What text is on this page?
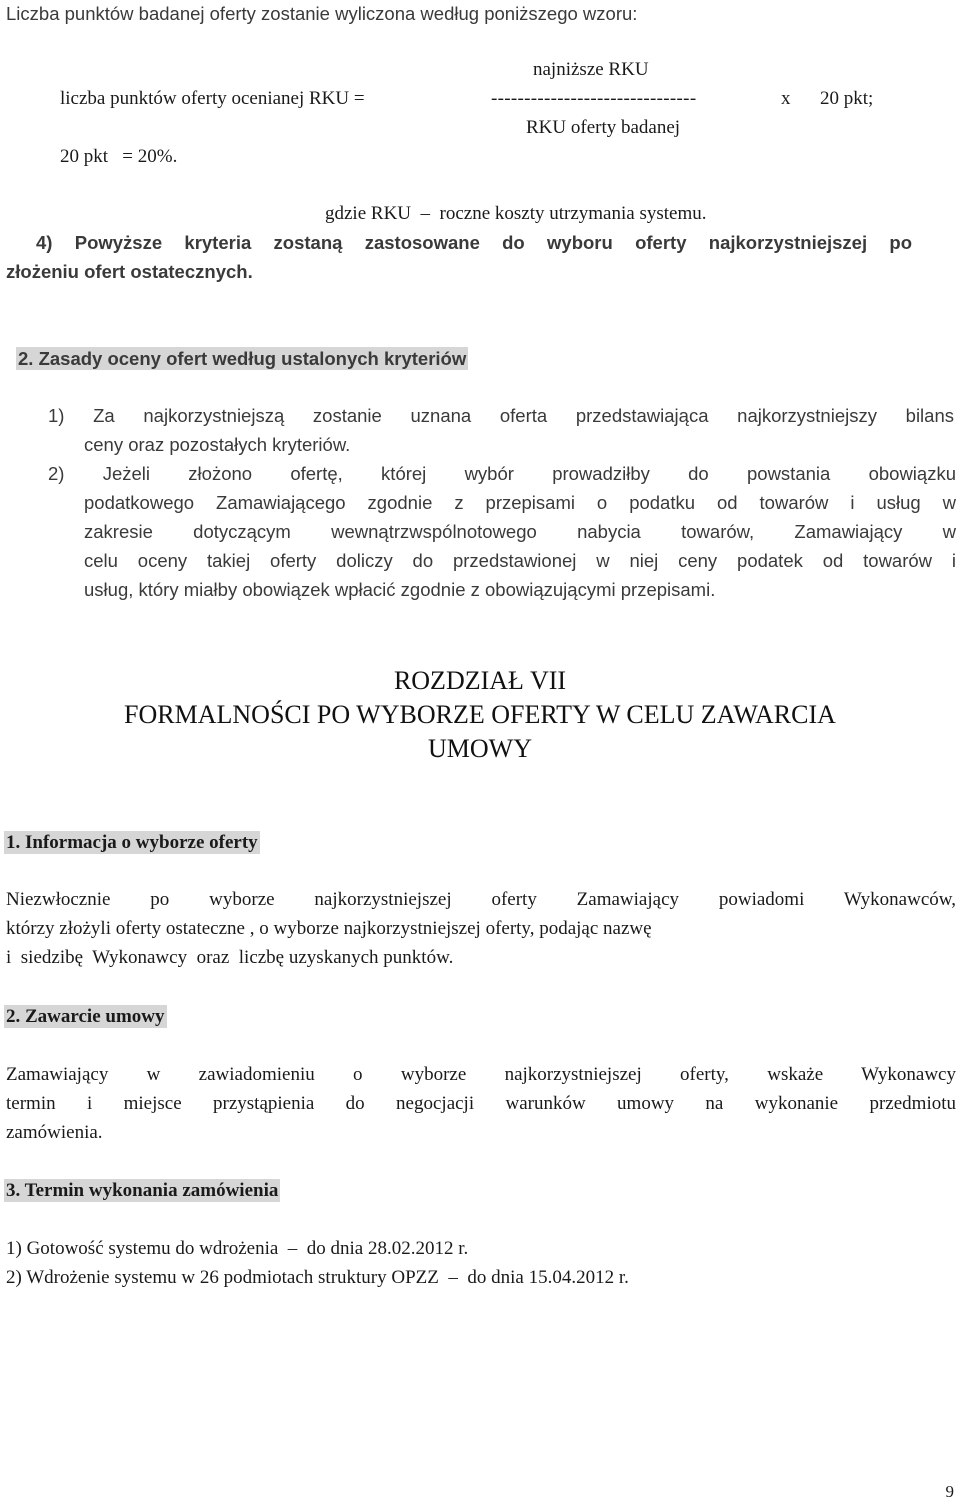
Liczba punktów badanej oferty zostanie wyliczona według poniższego wzoru:
najniższe RKU
liczba punktów oferty ocenianej RKU =	-------------------------------	x 20 pkt;
RKU oferty badanej
20 pkt   = 20%.
gdzie RKU  –  roczne koszty utrzymania systemu.
4) Powyższe kryteria zostaną zastosowane do wyboru oferty najkorzystniejszej po
złożeniu ofert ostatecznych.
2. Zasady oceny ofert według ustalonych kryteriów
1) Za najkorzystniejszą zostanie uznana oferta przedstawiająca najkorzystniejszy bilans
ceny oraz pozostałych kryteriów.
2) Jeżeli złożono ofertę, której wybór prowadziłby do powstania obowiązku
podatkowego Zamawiającego zgodnie z przepisami o podatku od towarów i usług w
zakresie dotyczącym wewnątrzwspólnotowego nabycia towarów, Zamawiający w
celu oceny takiej oferty doliczy do przedstawionej w niej ceny podatek od towarów i
usług, który miałby obowiązek wpłacić zgodnie z obowiązującymi przepisami.
ROZDZIAŁ VII
FORMALNOŚCI PO WYBORZE OFERTY W CELU ZAWARCIA
UMOWY
1. Informacja o wyborze oferty
Niezwłocznie po wyborze najkorzystniejszej oferty Zamawiający powiadomi Wykonawców,
którzy złożyli oferty ostateczne , o wyborze najkorzystniejszej oferty, podając nazwę
i  siedzibę  Wykonawcy  oraz  liczbę uzyskanych punktów.
2. Zawarcie umowy
Zamawiający w zawiadomieniu o wyborze najkorzystniejszej oferty, wskaże Wykonawcy
termin i miejsce przystąpienia do negocjacji warunków umowy na wykonanie przedmiotu
zamówienia.
3. Termin wykonania zamówienia
1) Gotowość systemu do wdrożenia  –  do dnia 28.02.2012 r.
2) Wdrożenie systemu w 26 podmiotach struktury OPZZ  –  do dnia 15.04.2012 r.
9
